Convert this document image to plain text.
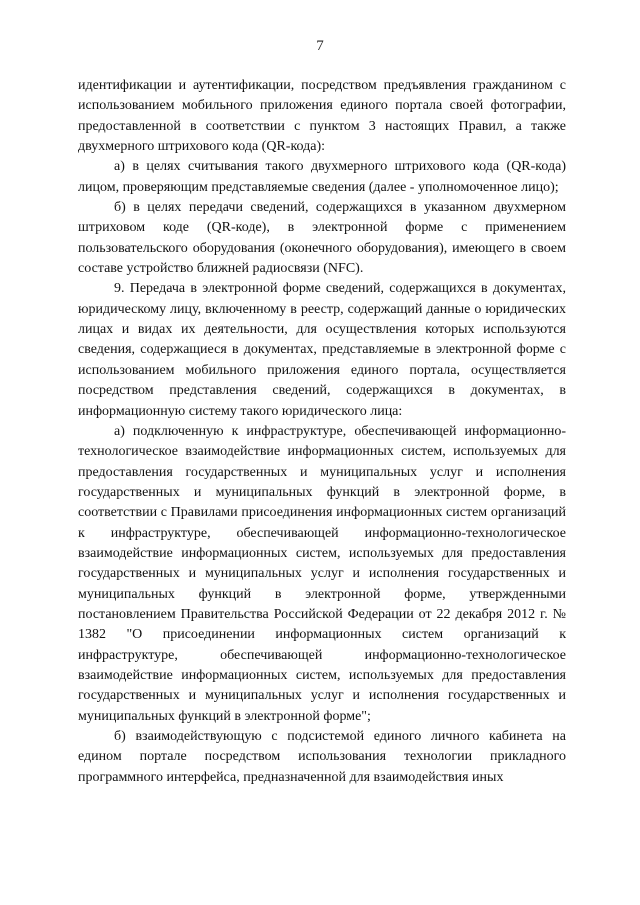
7

идентификации и аутентификации, посредством предъявления гражданином с использованием мобильного приложения единого портала своей фотографии, предоставленной в соответствии с пунктом 3 настоящих Правил, а также двухмерного штрихового кода (QR-кода):

а) в целях считывания такого двухмерного штрихового кода (QR-кода) лицом, проверяющим представляемые сведения (далее - уполномоченное лицо);

б) в целях передачи сведений, содержащихся в указанном двухмерном штриховом коде (QR-коде), в электронной форме с применением пользовательского оборудования (оконечного оборудования), имеющего в своем составе устройство ближней радиосвязи (NFC).

9. Передача в электронной форме сведений, содержащихся в документах, юридическому лицу, включенному в реестр, содержащий данные о юридических лицах и видах их деятельности, для осуществления которых используются сведения, содержащиеся в документах, представляемые в электронной форме с использованием мобильного приложения единого портала, осуществляется посредством представления сведений, содержащихся в документах, в информационную систему такого юридического лица:

а) подключенную к инфраструктуре, обеспечивающей информационно-технологическое взаимодействие информационных систем, используемых для предоставления государственных и муниципальных услуг и исполнения государственных и муниципальных функций в электронной форме, в соответствии с Правилами присоединения информационных систем организаций к инфраструктуре, обеспечивающей информационно-технологическое взаимодействие информационных систем, используемых для предоставления государственных и муниципальных услуг и исполнения государственных и муниципальных функций в электронной форме, утвержденными постановлением Правительства Российской Федерации от 22 декабря 2012 г. № 1382 "О присоединении информационных систем организаций к инфраструктуре, обеспечивающей информационно-технологическое взаимодействие информационных систем, используемых для предоставления государственных и муниципальных услуг и исполнения государственных и муниципальных функций в электронной форме";

б) взаимодействующую с подсистемой единого личного кабинета на едином портале посредством использования технологии прикладного программного интерфейса, предназначенной для взаимодействия иных
